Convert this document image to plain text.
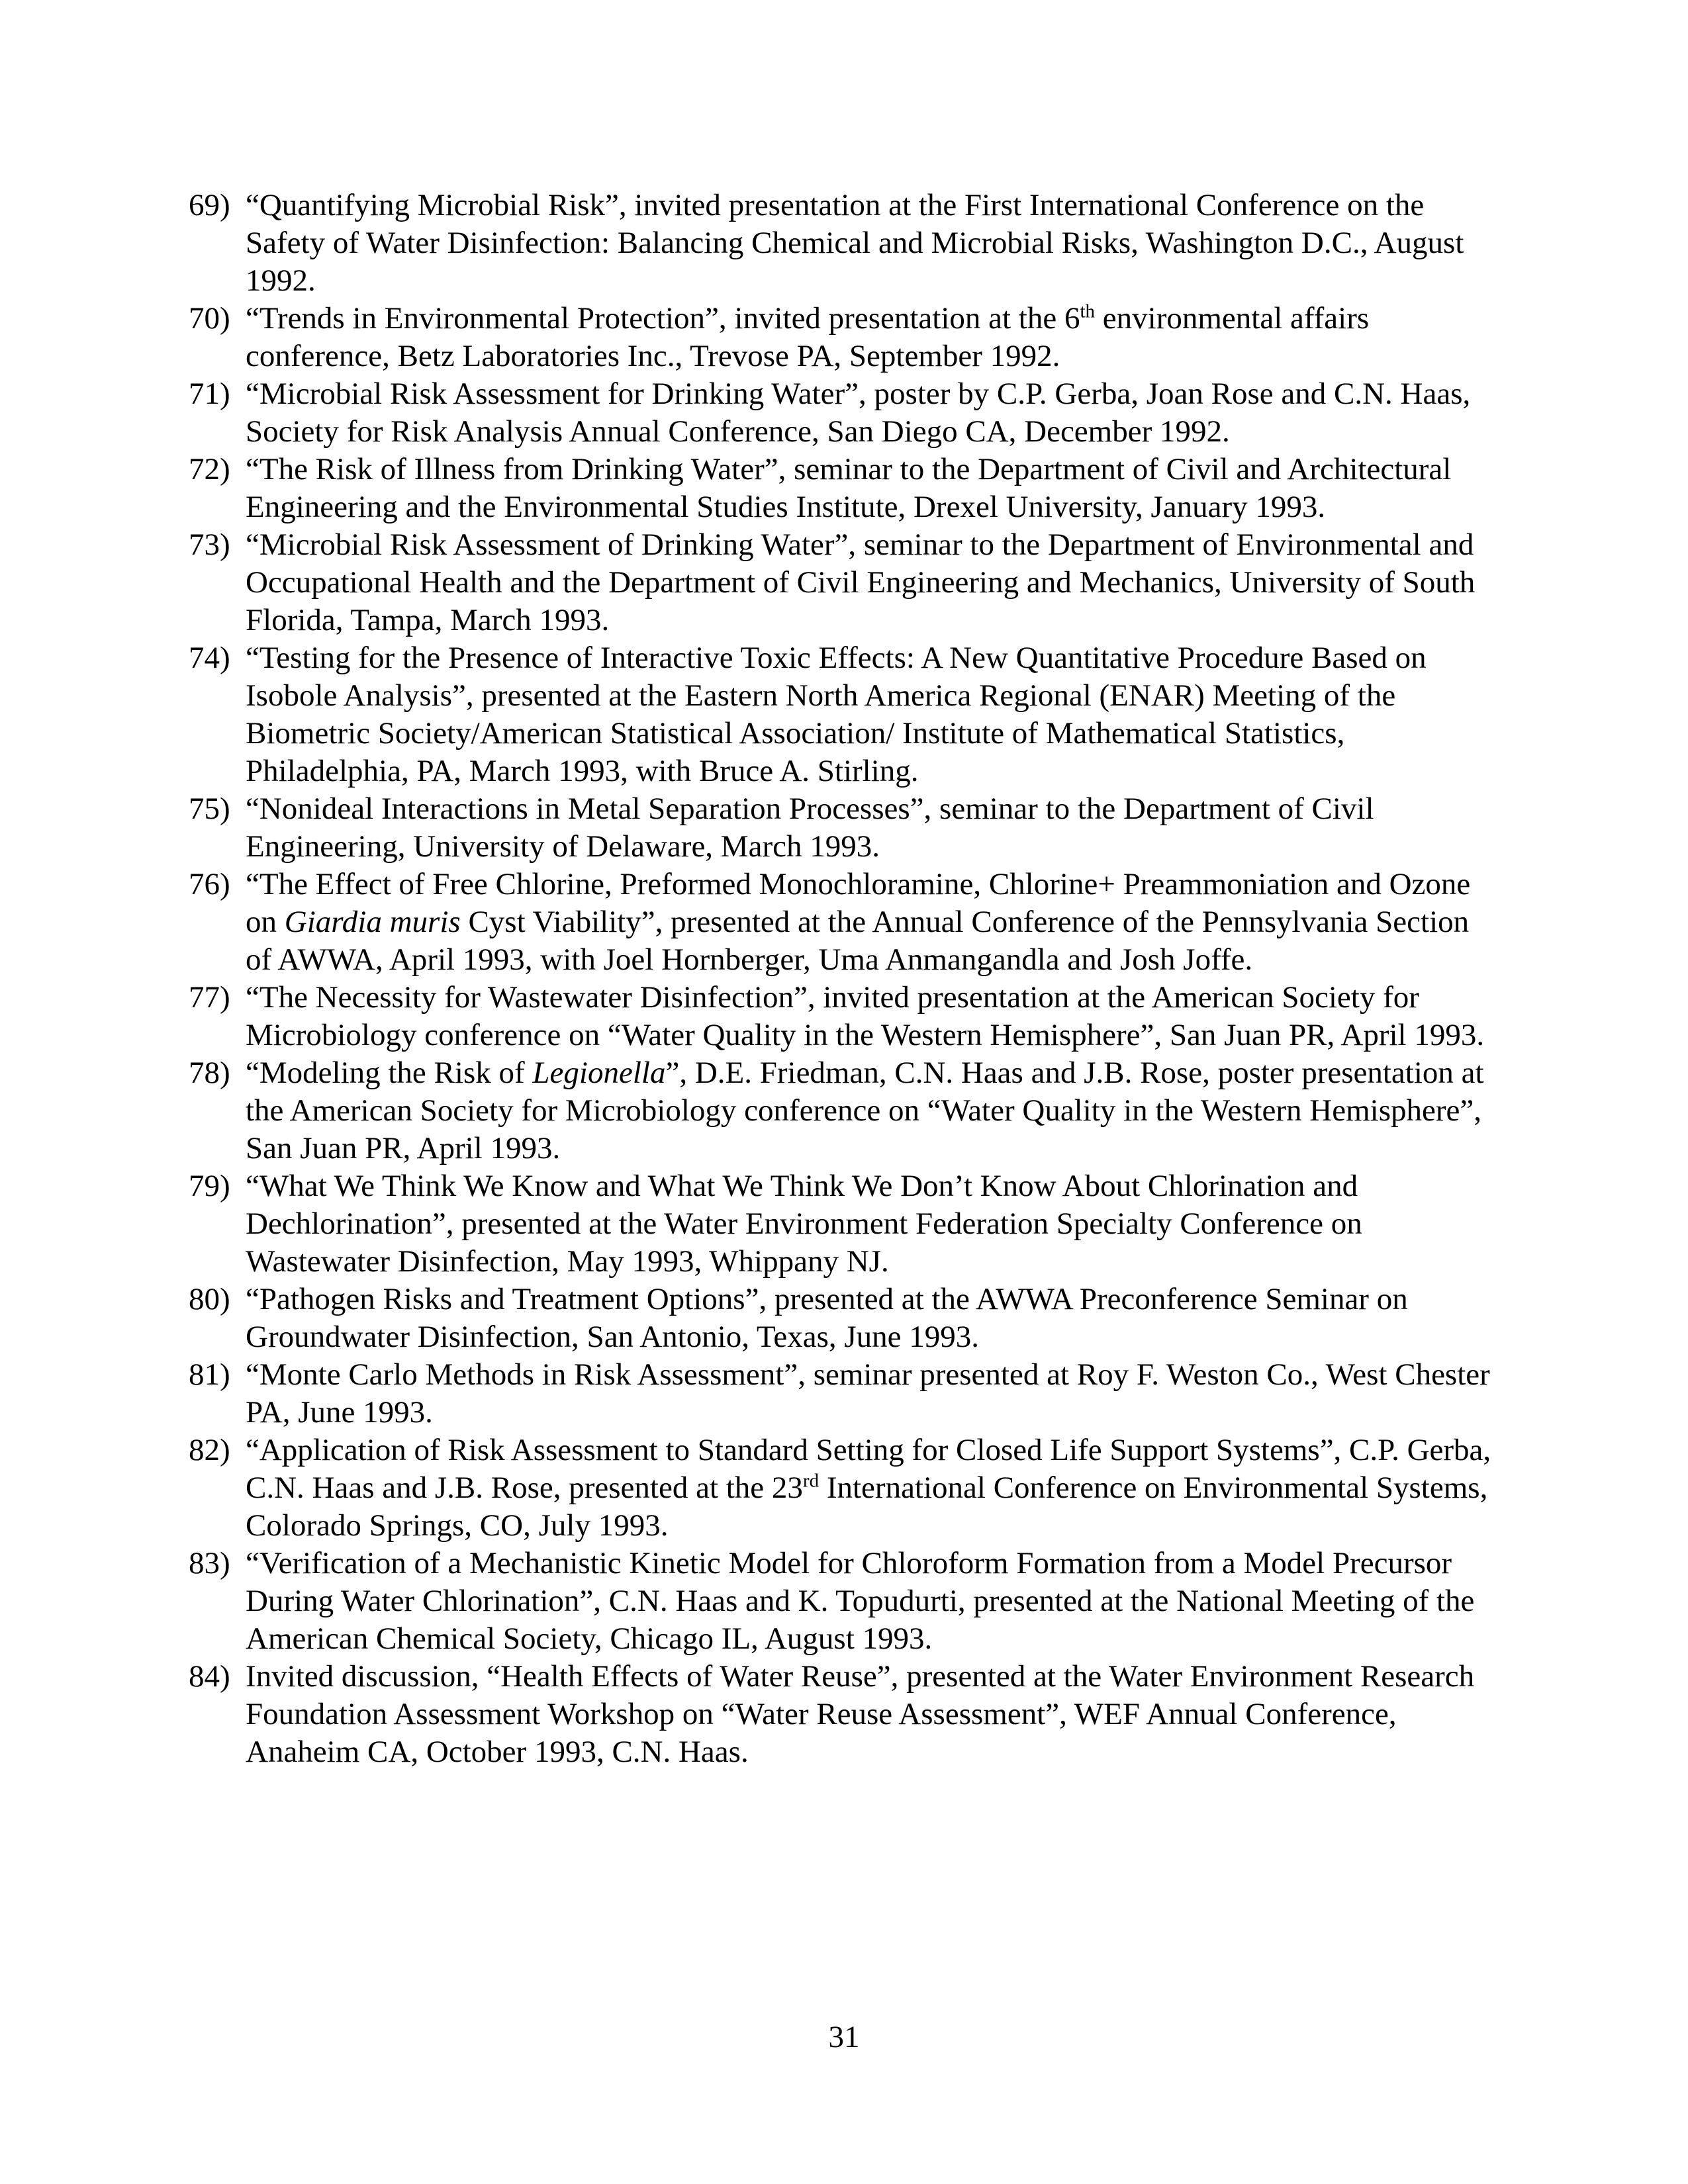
69) “Quantifying Microbial Risk”, invited presentation at the First International Conference on the Safety of Water Disinfection: Balancing Chemical and Microbial Risks, Washington D.C., August 1992.
70) “Trends in Environmental Protection”, invited presentation at the 6th environmental affairs conference, Betz Laboratories Inc., Trevose PA, September 1992.
71) “Microbial Risk Assessment for Drinking Water”, poster by C.P. Gerba, Joan Rose and C.N. Haas, Society for Risk Analysis Annual Conference, San Diego CA, December 1992.
72) “The Risk of Illness from Drinking Water”, seminar to the Department of Civil and Architectural Engineering and the Environmental Studies Institute, Drexel University, January 1993.
73) “Microbial Risk Assessment of Drinking Water”, seminar to the Department of Environmental and Occupational Health and the Department of Civil Engineering and Mechanics, University of South Florida, Tampa, March 1993.
74) “Testing for the Presence of Interactive Toxic Effects: A New Quantitative Procedure Based on Isobole Analysis”, presented at the Eastern North America Regional (ENAR) Meeting of the Biometric Society/American Statistical Association/ Institute of Mathematical Statistics, Philadelphia, PA, March 1993, with Bruce A. Stirling.
75) “Nonideal Interactions in Metal Separation Processes”, seminar to the Department of Civil Engineering, University of Delaware, March 1993.
76) “The Effect of Free Chlorine, Preformed Monochloramine, Chlorine+ Preammoniation and Ozone on Giardia muris Cyst Viability”, presented at the Annual Conference of the Pennsylvania Section of AWWA, April 1993, with Joel Hornberger, Uma Anmangandla and Josh Joffe.
77) “The Necessity for Wastewater Disinfection”, invited presentation at the American Society for Microbiology conference on “Water Quality in the Western Hemisphere”, San Juan PR, April 1993.
78) “Modeling the Risk of Legionella”, D.E. Friedman, C.N. Haas and J.B. Rose, poster presentation at the American Society for Microbiology conference on “Water Quality in the Western Hemisphere”, San Juan PR, April 1993.
79) “What We Think We Know and What We Think We Don’t Know About Chlorination and Dechlorination”, presented at the Water Environment Federation Specialty Conference on Wastewater Disinfection, May 1993, Whippany NJ.
80) “Pathogen Risks and Treatment Options”, presented at the AWWA Preconference Seminar on Groundwater Disinfection, San Antonio, Texas, June 1993.
81) “Monte Carlo Methods in Risk Assessment”, seminar presented at Roy F. Weston Co., West Chester PA, June 1993.
82) “Application of Risk Assessment to Standard Setting for Closed Life Support Systems”, C.P. Gerba, C.N. Haas and J.B. Rose, presented at the 23rd International Conference on Environmental Systems, Colorado Springs, CO, July 1993.
83) “Verification of a Mechanistic Kinetic Model for Chloroform Formation from a Model Precursor During Water Chlorination”, C.N. Haas and K. Topudurti, presented at the National Meeting of the American Chemical Society, Chicago IL, August 1993.
84) Invited discussion, “Health Effects of Water Reuse”, presented at the Water Environment Research Foundation Assessment Workshop on “Water Reuse Assessment”, WEF Annual Conference, Anaheim CA, October 1993, C.N. Haas.
31
